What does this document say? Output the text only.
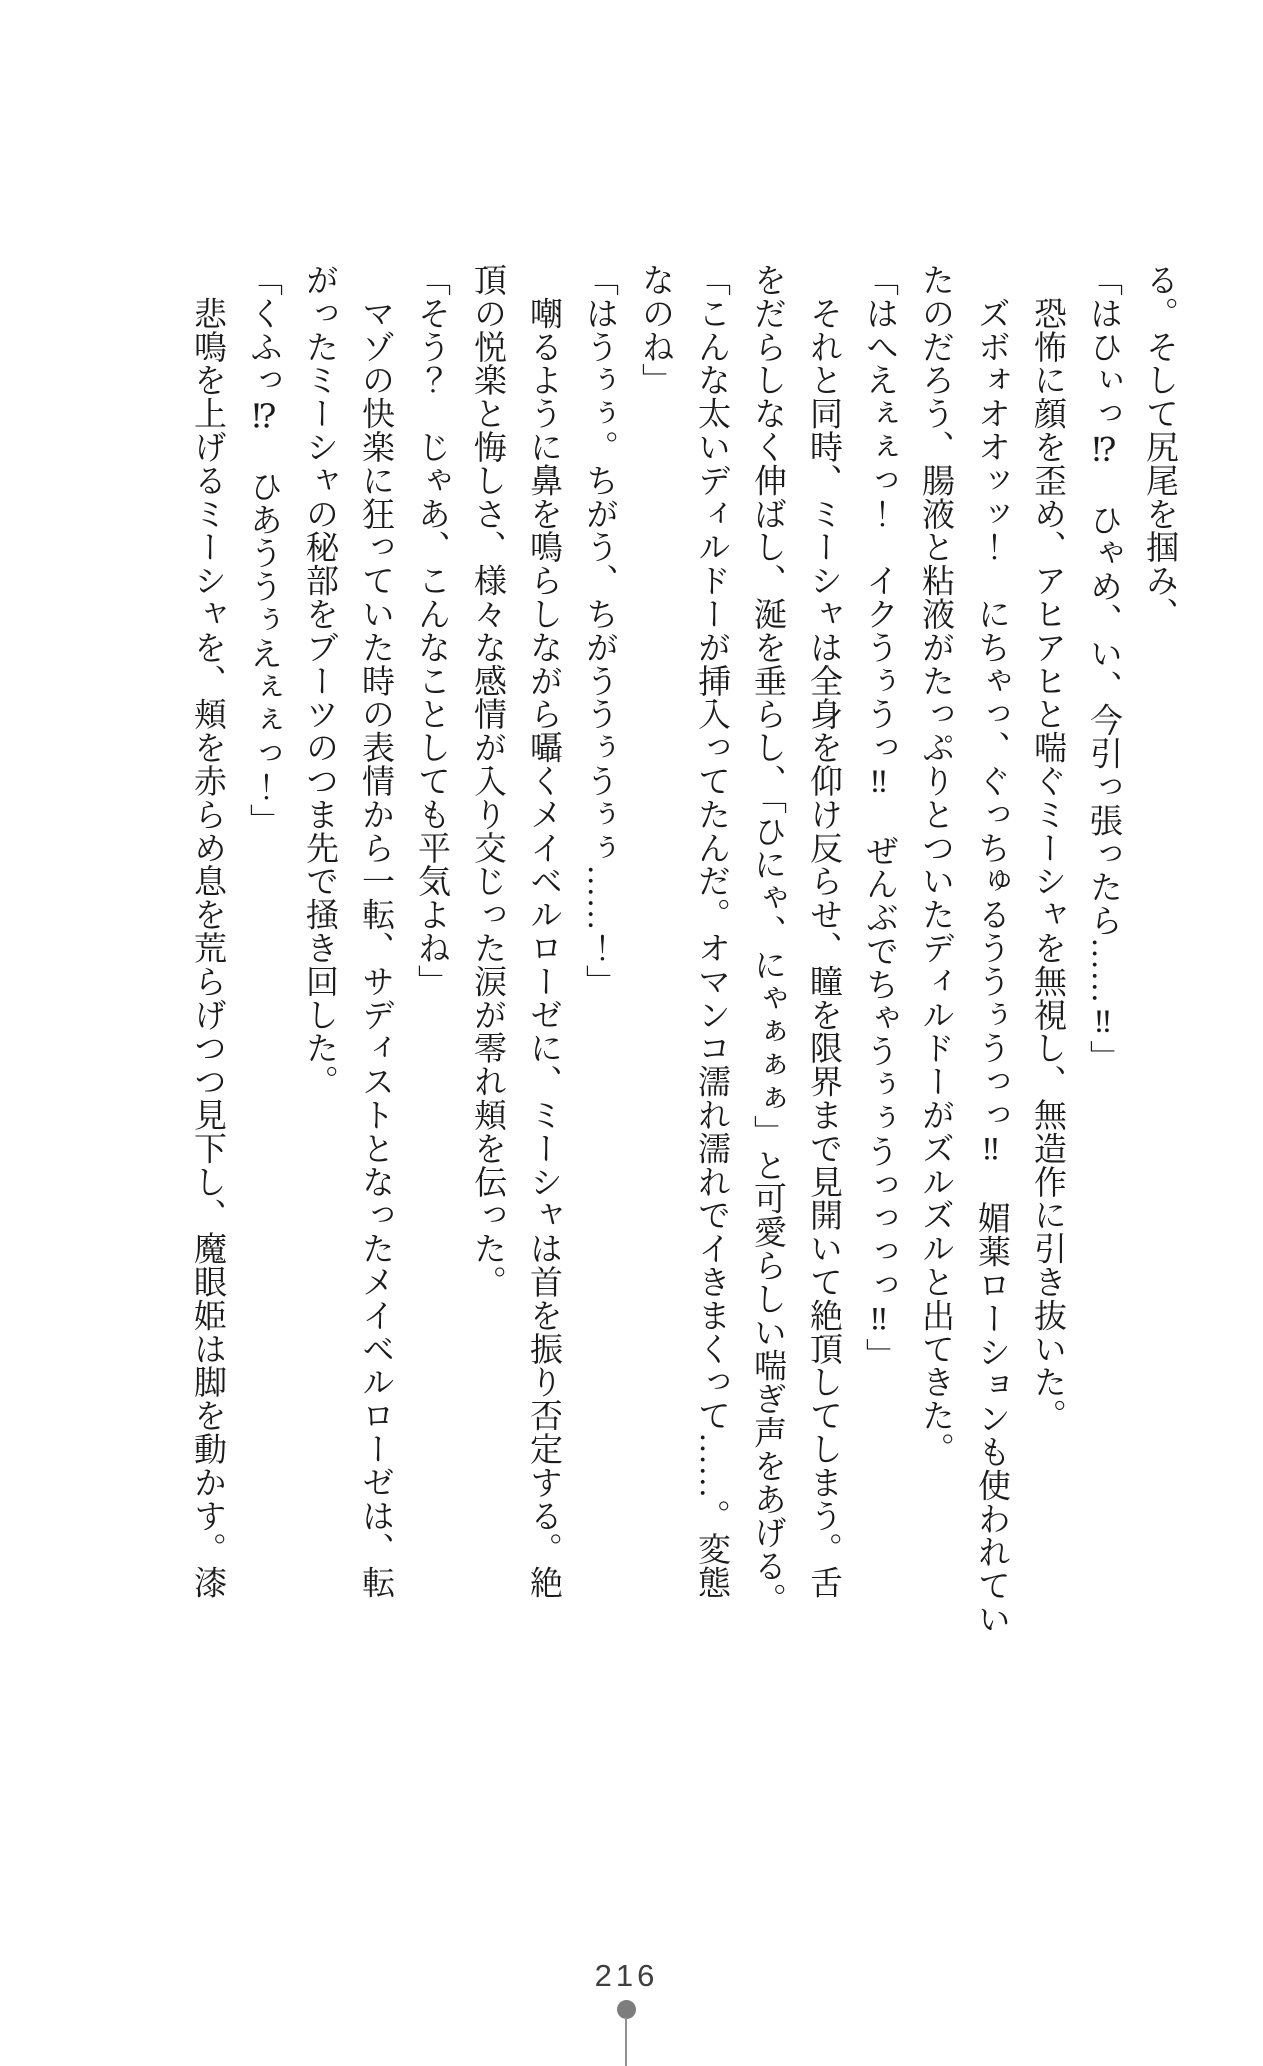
る。そして尻尾を掴み、

「はひぃっ⁉　ひゃめ、い、今引っ張ったら……‼」

　恐怖に顔を歪め、アヒアヒと喘ぐミーシャを無視し、無造作に引き抜いた。

　ズボォオオッッ！　にちゃっ、ぐっちゅるううぅうっっ‼　媚薬ローションも使われてい

たのだろう、腸液と粘液がたっぷりとついたディルドーがズルズルと出てきた。

「はへえぇぇっ！　イクうぅうっ‼　ぜんぶでちゃうぅぅうっっっっ‼」

　それと同時、ミーシャは全身を仰け反らせ、瞳を限界まで見開いて絶頂してしまう。舌

をだらしなく伸ばし、涎を垂らし、「ひにゃ、にゃぁぁぁ」と可愛らしい喘ぎ声をあげる。

「こんな太いディルドーが挿入ってたんだ。オマンコ濡れ濡れでイきまくって……。変態

なのね」

「はうぅぅ。ちがう、ちがううぅうぅぅ……！」

　嘲るように鼻を鳴らしながら囁くメイベルローゼに、ミーシャは首を振り否定する。絶

頂の悦楽と悔しさ、様々な感情が入り交じった涙が零れ頬を伝った。

「そう？　じゃあ、こんなことしても平気よね」

　マゾの快楽に狂っていた時の表情から一転、サディストとなったメイベルローゼは、転

がったミーシャの秘部をブーツのつま先で掻き回した。

「くふっ⁉　ひあううぅえぇぇっ！」

　悲鳴を上げるミーシャを、頬を赤らめ息を荒らげつつ見下し、魔眼姫は脚を動かす。漆

216
